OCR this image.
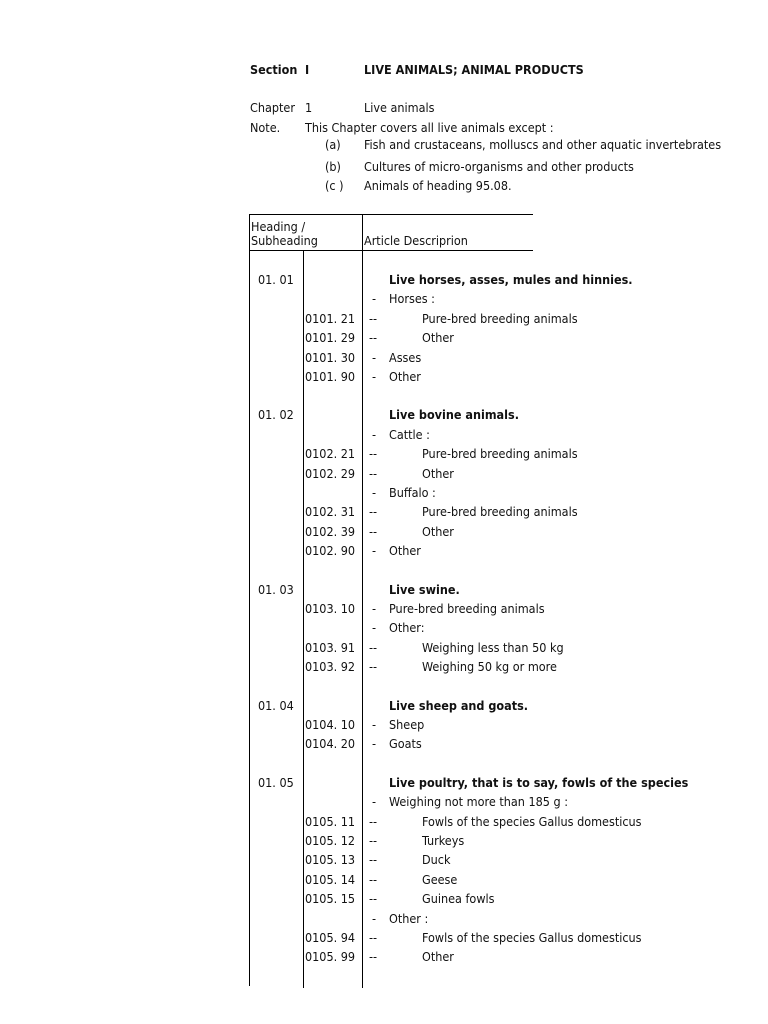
Section I	LIVE ANIMALS; ANIMAL PRODUCTS
Chapter 1	Live animals
Note. This Chapter covers all live animals except :
(a) Fish and crustaceans, molluscs and other aquatic invertebrates
(b) Cultures of micro-organisms and other products
(c ) Animals of heading 95.08.
Heading /
Subheading	Article Descriprion
01. 01	Live horses, asses, mules and hinnies.
- Horses :
0101. 21 --	Pure-bred breeding animals
0101. 29 --	Other
0101. 30 - Asses
0101. 90 - Other
01. 02	Live bovine animals.
- Cattle :
0102. 21 --	Pure-bred breeding animals
0102. 29 --	Other
- Buffalo :
0102. 31 --	Pure-bred breeding animals
0102. 39 --	Other
0102. 90 - Other
01. 03	Live swine.
0103. 10 - Pure-bred breeding animals
- Other:
0103. 91 --	Weighing less than 50 kg
0103. 92 --	Weighing 50 kg or more
01. 04	Live sheep and goats.
0104. 10 - Sheep
0104. 20 - Goats
01. 05	Live poultry, that is to say, fowls of the species
- Weighing not more than 185 g :
0105. 11 --	Fowls of the species Gallus domesticus
0105. 12 --	Turkeys
0105. 13 --	Duck
0105. 14 --	Geese
0105. 15 --	Guinea fowls
- Other :
0105. 94 --	Fowls of the species Gallus domesticus
0105. 99 --	Other
